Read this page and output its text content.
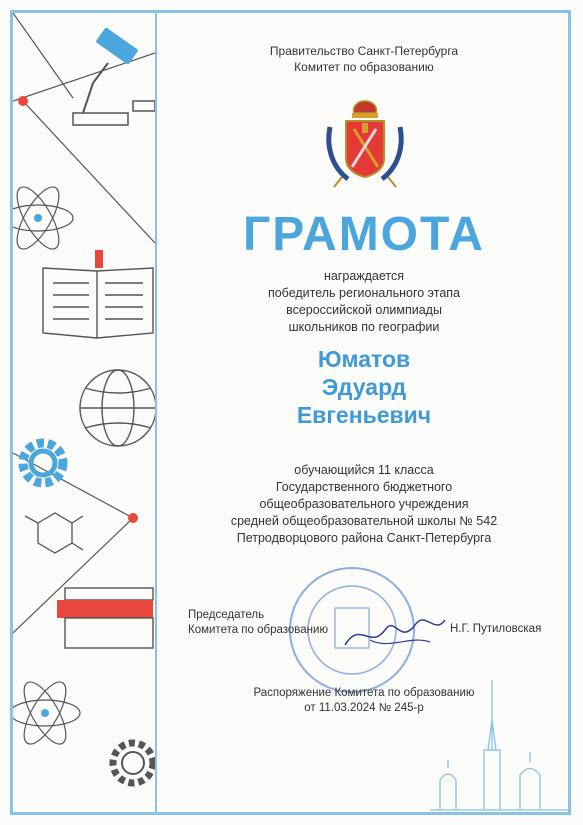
Правительство Санкт-Петербурга
Комитет по образованию
ГРАМОТА
награждается
победитель регионального этапа
всероссийской олимпиады
школьников по географии
Юматов
Эдуард
Евгеньевич
обучающийся 11 класса
Государственного бюджетного
общеобразовательного учреждения
средней общеобразовательной школы № 542
Петродворцового района Санкт-Петербурга
Председатель
Комитета по образованию	Н.Г. Путиловская
Распоряжение Комитета по образованию
от 11.03.2024 № 245-р
